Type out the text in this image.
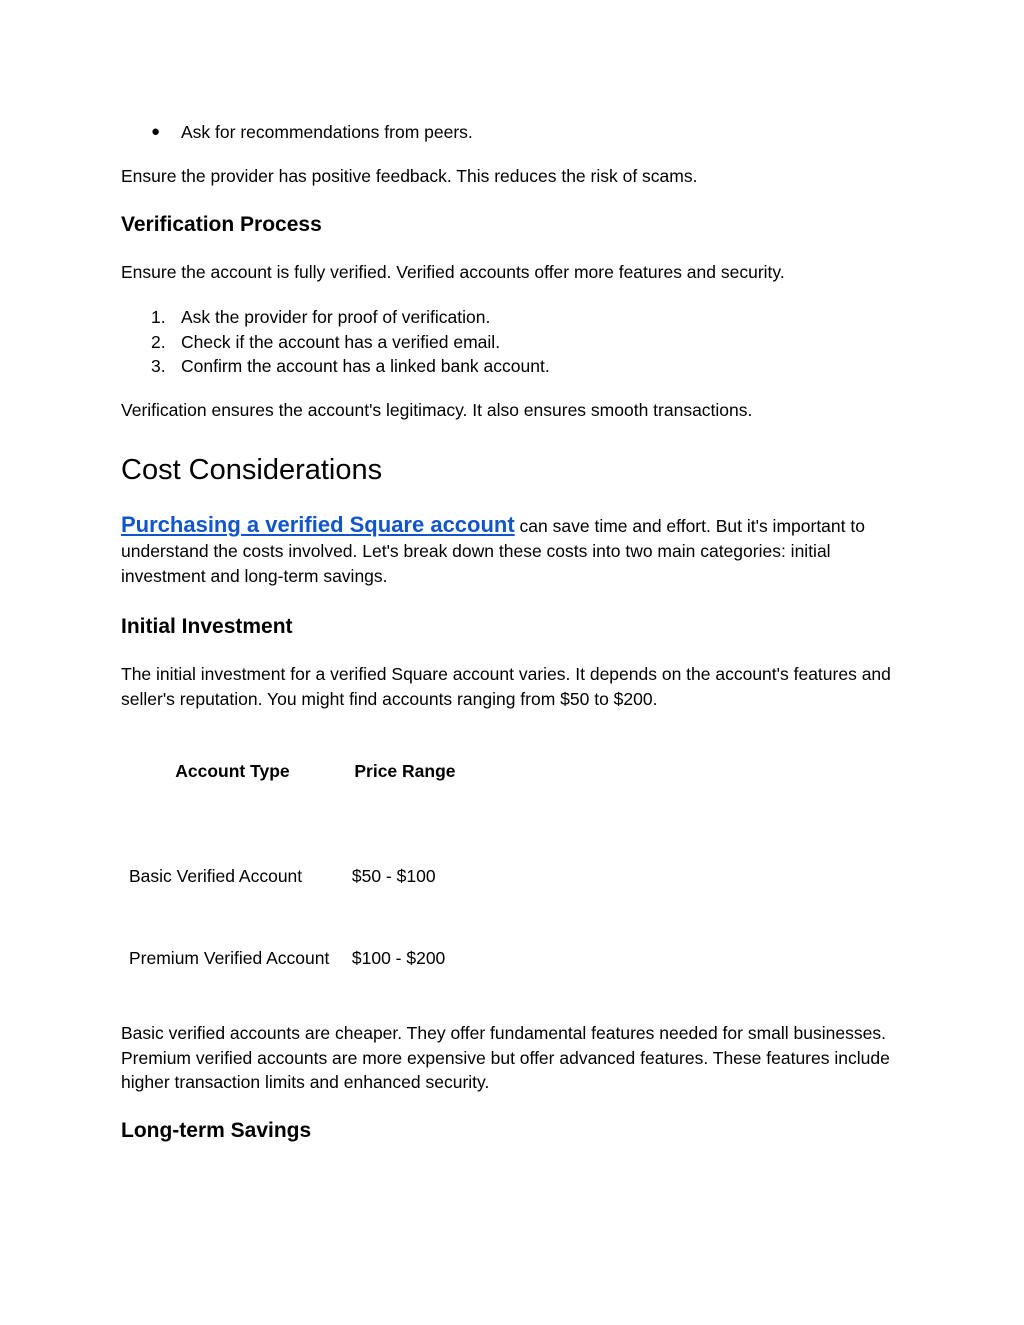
● Ask for recommendations from peers.

Ensure the provider has positive feedback. This reduces the risk of scams.

Verification Process

Ensure the account is fully verified. Verified accounts offer more features and security.

1. Ask the provider for proof of verification.
2. Check if the account has a verified email.
3. Confirm the account has a linked bank account.

Verification ensures the account's legitimacy. It also ensures smooth transactions.

Cost Considerations

Purchasing a verified Square account can save time and effort. But it's important to understand the costs involved. Let's break down these costs into two main categories: initial investment and long-term savings.

Initial Investment

The initial investment for a verified Square account varies. It depends on the account's features and seller's reputation. You might find accounts ranging from $50 to $200.

Account Type	Price Range
Basic Verified Account	$50 - $100
Premium Verified Account	$100 - $200

Basic verified accounts are cheaper. They offer fundamental features needed for small businesses. Premium verified accounts are more expensive but offer advanced features. These features include higher transaction limits and enhanced security.

Long-term Savings
